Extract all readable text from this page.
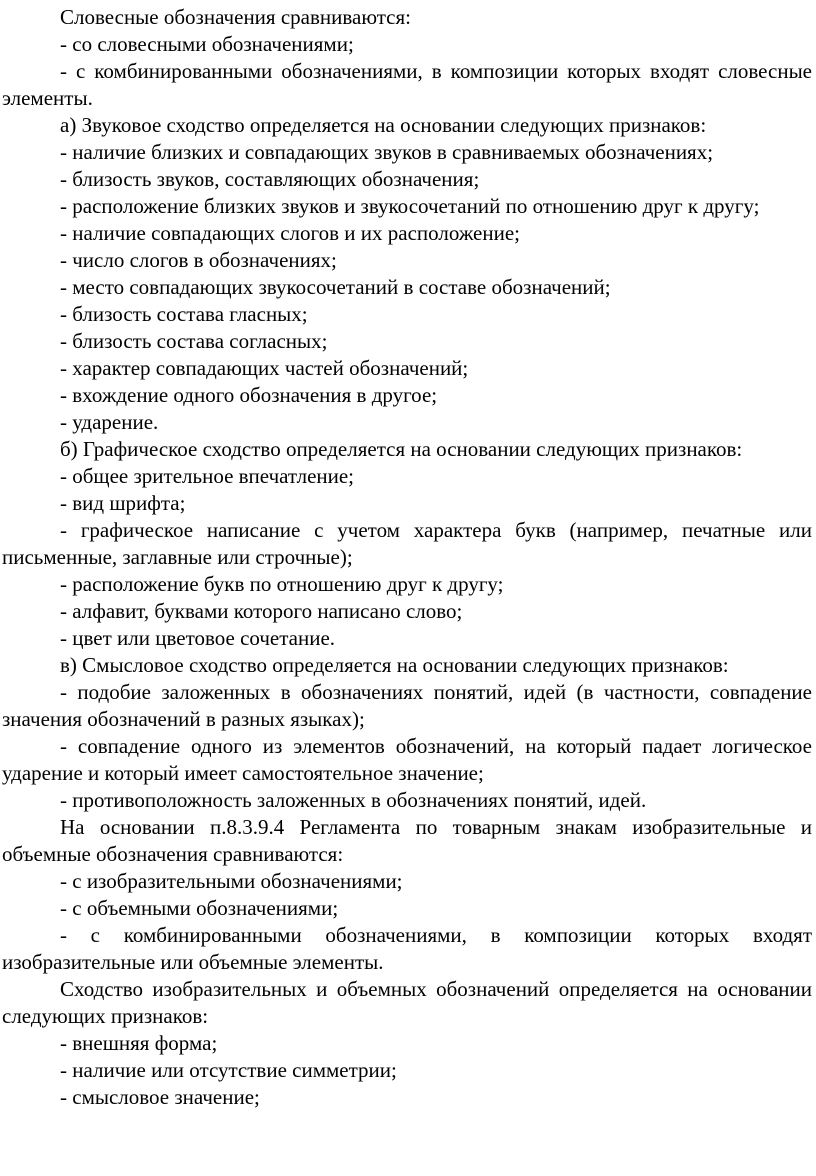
Словесные обозначения сравниваются:

- со словесными обозначениями;

- с комбинированными обозначениями, в композиции которых входят словесные элементы.

а) Звуковое сходство определяется на основании следующих признаков:

- наличие близких и совпадающих звуков в сравниваемых обозначениях;

- близость звуков, составляющих обозначения;

- расположение близких звуков и звукосочетаний по отношению друг к другу;

- наличие совпадающих слогов и их расположение;

- число слогов в обозначениях;

- место совпадающих звукосочетаний в составе обозначений;

- близость состава гласных;

- близость состава согласных;

- характер совпадающих частей обозначений;

- вхождение одного обозначения в другое;

- ударение.

б) Графическое сходство определяется на основании следующих признаков:

- общее зрительное впечатление;

- вид шрифта;

- графическое написание с учетом характера букв (например, печатные или письменные, заглавные или строчные);

- расположение букв по отношению друг к другу;

- алфавит, буквами которого написано слово;

- цвет или цветовое сочетание.

в) Смысловое сходство определяется на основании следующих признаков:

- подобие заложенных в обозначениях понятий, идей (в частности, совпадение значения обозначений в разных языках);

- совпадение одного из элементов обозначений, на который падает логическое ударение и который имеет самостоятельное значение;

- противоположность заложенных в обозначениях понятий, идей.

На основании п.8.3.9.4 Регламента по товарным знакам изобразительные и объемные обозначения сравниваются:

- с изобразительными обозначениями;

- с объемными обозначениями;

- с комбинированными обозначениями, в композиции которых входят изобразительные или объемные элементы.

Сходство изобразительных и объемных обозначений определяется на основании следующих признаков:

- внешняя форма;

- наличие или отсутствие симметрии;

- смысловое значение;
